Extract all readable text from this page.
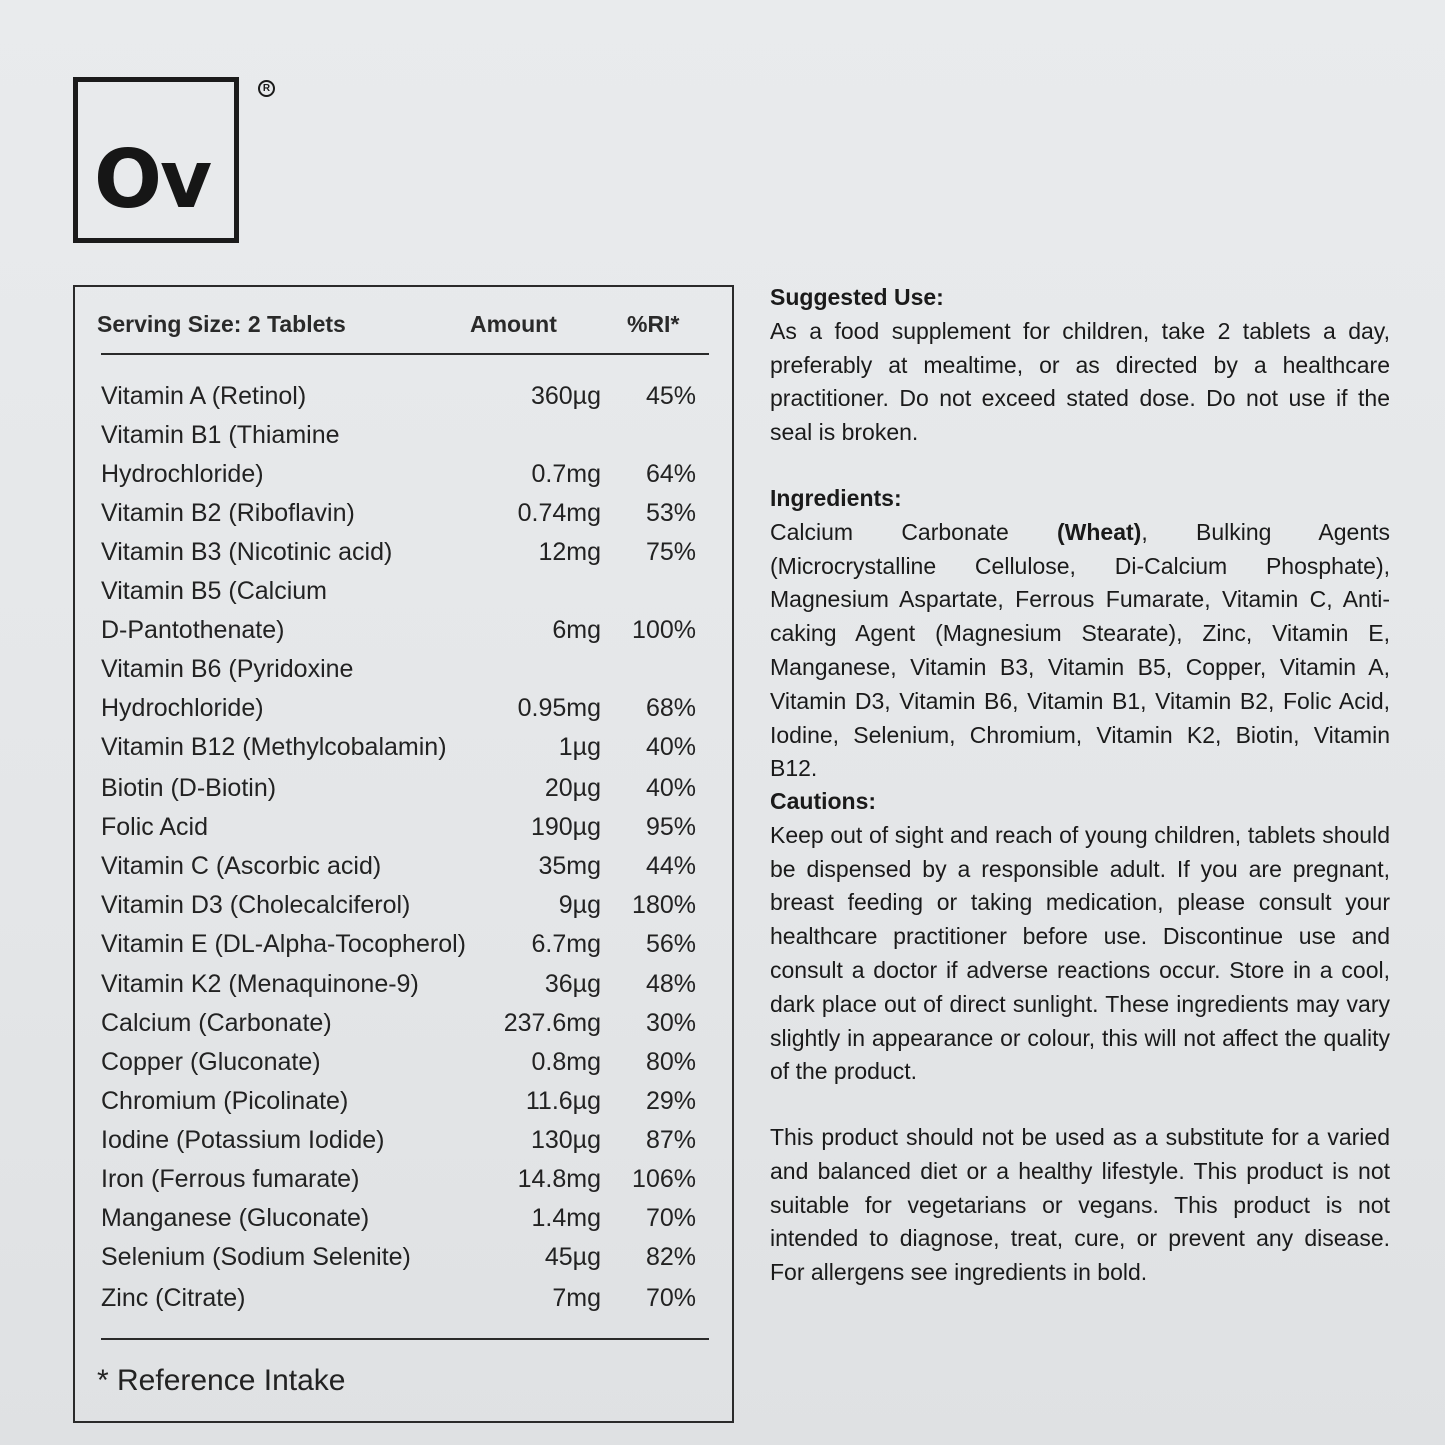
Ov
R
Serving Size: 2 Tablets	Amount	%RI*
Vitamin A (Retinol)	360µg 45%
Vitamin B1 (Thiamine
Hydrochloride)	0.7mg 64%
Vitamin B2 (Riboflavin)	0.74mg 53%
Vitamin B3 (Nicotinic acid)	12mg 75%
Vitamin B5 (Calcium
D-Pantothenate)	6mg 100%
Vitamin B6 (Pyridoxine
Hydrochloride)	0.95mg 68%
Vitamin B12 (Methylcobalamin)	1µg 40%
Biotin (D-Biotin)	20µg 40%
Folic Acid	190µg 95%
Vitamin C (Ascorbic acid)	35mg 44%
Vitamin D3 (Cholecalciferol)	9µg 180%
Vitamin E (DL-Alpha-Tocopherol)	6.7mg 56%
Vitamin K2 (Menaquinone-9)	36µg 48%
Calcium (Carbonate)	237.6mg 30%
Copper (Gluconate)	0.8mg 80%
Chromium (Picolinate)	11.6µg 29%
Iodine (Potassium Iodide)	130µg 87%
Iron (Ferrous fumarate)	14.8mg 106%
Manganese (Gluconate)	1.4mg 70%
Selenium (Sodium Selenite)	45µg 82%
Zinc (Citrate)	7mg 70%
* Reference Intake
Suggested Use:

As a food supplement for children, take 2 tablets a day, preferably at mealtime, or as directed by a healthcare practitioner. Do not exceed stated dose. Do not use if the seal is broken.

Ingredients:

Calcium Carbonate (Wheat), Bulking Agents (Microcrystalline Cellulose, Di-Calcium Phosphate), Magnesium Aspartate, Ferrous Fumarate, Vitamin C, Anti-caking Agent (Magnesium Stearate), Zinc, Vitamin E, Manganese, Vitamin B3, Vitamin B5, Copper, Vitamin A, Vitamin D3, Vitamin B6, Vitamin B1, Vitamin B2, Folic Acid, Iodine, Selenium, Chromium, Vitamin K2, Biotin, Vitamin B12.

Cautions:

Keep out of sight and reach of young children, tablets should be dispensed by a responsible adult. If you are pregnant, breast feeding or taking medication, please consult your healthcare practitioner before use. Discontinue use and consult a doctor if adverse reactions occur. Store in a cool, dark place out of direct sunlight. These ingredients may vary slightly in appearance or colour, this will not affect the quality of the product.

This product should not be used as a substitute for a varied and balanced diet or a healthy lifestyle. This product is not suitable for vegetarians or vegans. This product is not intended to diagnose, treat, cure, or prevent any disease. For allergens see ingredients in bold.
